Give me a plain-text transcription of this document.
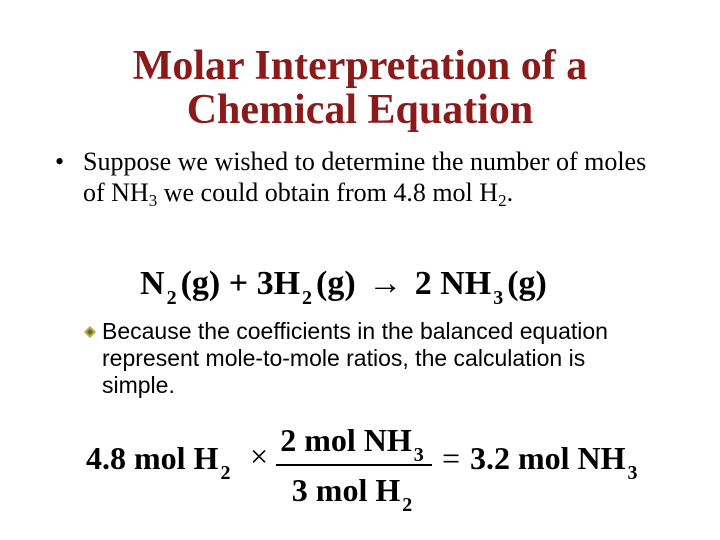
Molar Interpretation of a Chemical Equation
• Suppose we wished to determine the number of moles of $NH_3$ we could obtain from 4.8 mol $H_2$.
N $_2$ (g) + 3H $_2$ (g) → 2 NH $_3$ (g)
Because the coefficients in the balanced equation represent mole-to-mole ratios, the calculation is simple.
4.8 mol H $_2$ × 2 mol NH $_3$
3 mol H $_2$
= 3.2 mol NH $_3$
